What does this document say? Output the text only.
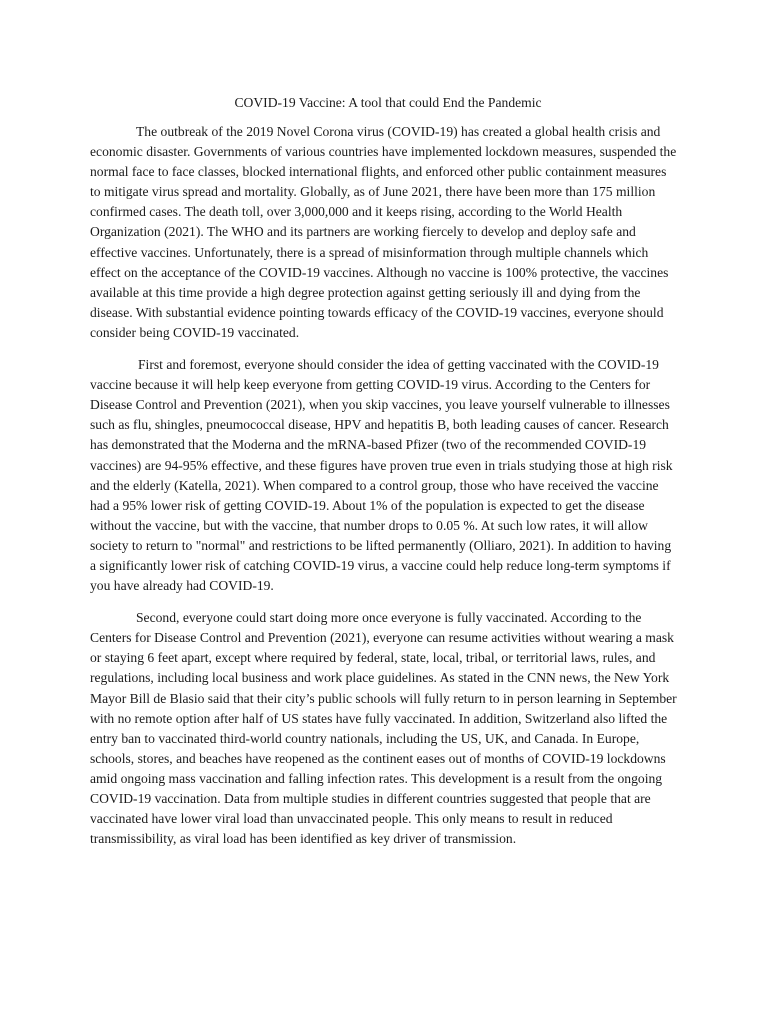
COVID-19 Vaccine: A tool that could End the Pandemic

The outbreak of the 2019 Novel Corona virus (COVID-19) has created a global health crisis and economic disaster. Governments of various countries have implemented lockdown measures, suspended the normal face to face classes, blocked international flights, and enforced other public containment measures to mitigate virus spread and mortality. Globally, as of June 2021, there have been more than 175 million confirmed cases. The death toll, over 3,000,000 and it keeps rising, according to the World Health Organization (2021). The WHO and its partners are working fiercely to develop and deploy safe and effective vaccines. Unfortunately, there is a spread of misinformation through multiple channels which effect on the acceptance of the COVID-19 vaccines. Although no vaccine is 100% protective, the vaccines available at this time provide a high degree protection against getting seriously ill and dying from the disease. With substantial evidence pointing towards efficacy of the COVID-19 vaccines, everyone should consider being COVID-19 vaccinated.

First and foremost, everyone should consider the idea of getting vaccinated with the COVID-19 vaccine because it will help keep everyone from getting COVID-19 virus. According to the Centers for Disease Control and Prevention (2021), when you skip vaccines, you leave yourself vulnerable to illnesses such as flu, shingles, pneumococcal disease, HPV and hepatitis B, both leading causes of cancer. Research has demonstrated that the Moderna and the mRNA-based Pfizer (two of the recommended COVID-19 vaccines) are 94-95% effective, and these figures have proven true even in trials studying those at high risk and the elderly (Katella, 2021). When compared to a control group, those who have received the vaccine had a 95% lower risk of getting COVID-19. About 1% of the population is expected to get the disease without the vaccine, but with the vaccine, that number drops to 0.05 %. At such low rates, it will allow society to return to "normal" and restrictions to be lifted permanently (Olliaro, 2021). In addition to having a significantly lower risk of catching COVID-19 virus, a vaccine could help reduce long-term symptoms if you have already had COVID-19.

Second, everyone could start doing more once everyone is fully vaccinated. According to the Centers for Disease Control and Prevention (2021), everyone can resume activities without wearing a mask or staying 6 feet apart, except where required by federal, state, local, tribal, or territorial laws, rules, and regulations, including local business and work place guidelines. As stated in the CNN news, the New York Mayor Bill de Blasio said that their city’s public schools will fully return to in person learning in September with no remote option after half of US states have fully vaccinated. In addition, Switzerland also lifted the entry ban to vaccinated third-world country nationals, including the US, UK, and Canada. In Europe, schools, stores, and beaches have reopened as the continent eases out of months of COVID-19 lockdowns amid ongoing mass vaccination and falling infection rates. This development is a result from the ongoing COVID-19 vaccination. Data from multiple studies in different countries suggested that people that are vaccinated have lower viral load than unvaccinated people. This only means to result in reduced transmissibility, as viral load has been identified as key driver of transmission.
